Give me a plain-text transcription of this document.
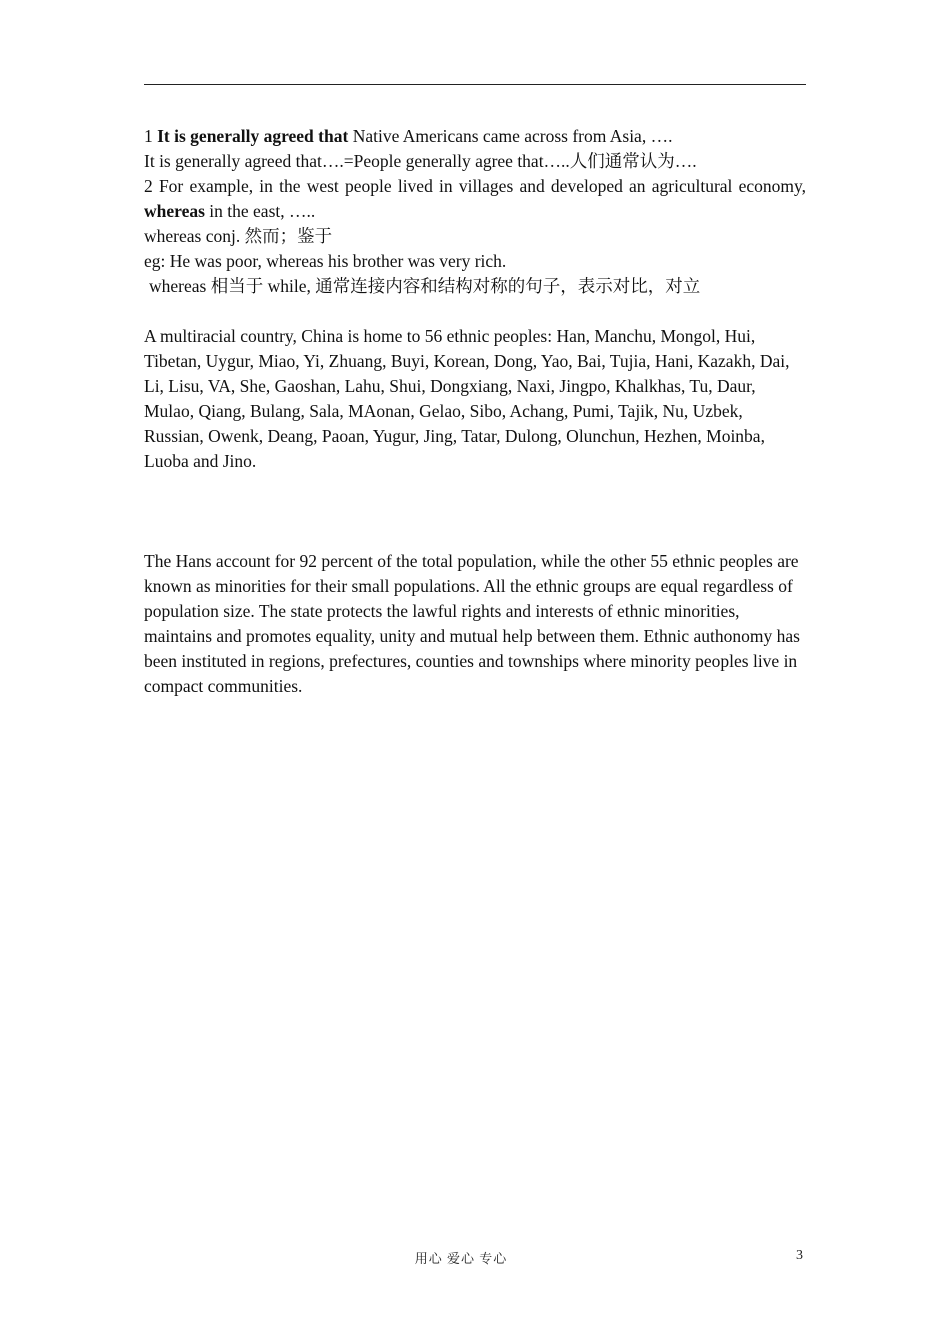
1 It is generally agreed that Native Americans came across from Asia, ….

It is generally agreed that….=People generally agree that…..人们通常认为….

2 For example, in the west people lived in villages and developed an agricultural economy, whereas in the east, …..

whereas conj. 然而；鉴于

eg: He was poor, whereas his brother was very rich.

whereas 相当于 while, 通常连接内容和结构对称的句子，表示对比，对立

A multiracial country, China is home to 56 ethnic peoples: Han, Manchu, Mongol, Hui, Tibetan, Uygur, Miao, Yi, Zhuang, Buyi, Korean, Dong, Yao, Bai, Tujia, Hani, Kazakh, Dai, Li, Lisu, VA, She, Gaoshan, Lahu, Shui, Dongxiang, Naxi, Jingpo, Khalkhas, Tu, Daur, Mulao, Qiang, Bulang, Sala, MAonan, Gelao, Sibo, Achang, Pumi, Tajik, Nu, Uzbek, Russian, Owenk, Deang, Paoan, Yugur, Jing, Tatar, Dulong, Olunchun, Hezhen, Moinba, Luoba and Jino.

The Hans account for 92 percent of the total population, while the other 55 ethnic peoples are known as minorities for their small populations. All the ethnic groups are equal regardless of population size. The state protects the lawful rights and interests of ethnic minorities, maintains and promotes equality, unity and mutual help between them. Ethnic authonomy has been instituted in regions, prefectures, counties and townships where minority peoples live in compact communities.

用心 爱心 专心	3
